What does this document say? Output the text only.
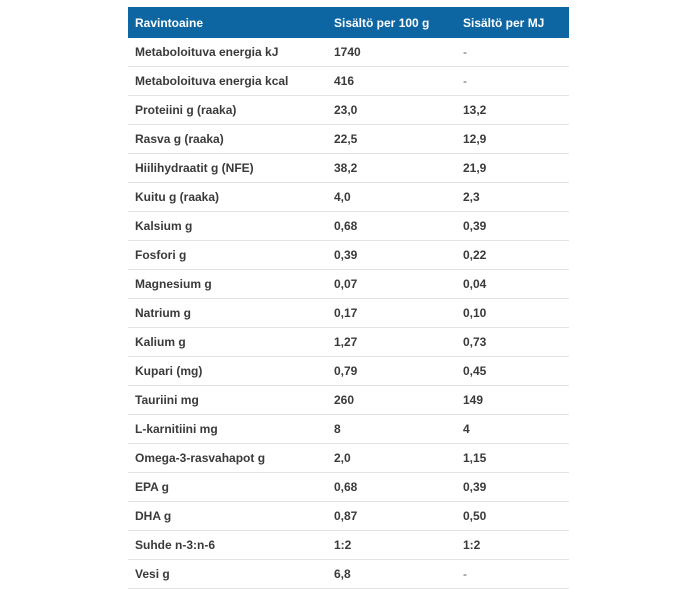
Ravintoaine	Sisältö per 100 g	Sisältö per MJ
Metaboloituva energia kJ	1740	-
Metaboloituva energia kcal	416	-
Proteiini g (raaka)	23,0	13,2
Rasva g (raaka)	22,5	12,9
Hiilihydraatit g (NFE)	38,2	21,9
Kuitu g (raaka)	4,0	2,3
Kalsium g	0,68	0,39
Fosfori g	0,39	0,22
Magnesium g	0,07	0,04
Natrium g	0,17	0,10
Kalium g	1,27	0,73
Kupari (mg)	0,79	0,45
Tauriini mg	260	149
L-karnitiini mg	8	4
Omega-3-rasvahapot g	2,0	1,15
EPA g	0,68	0,39
DHA g	0,87	0,50
Suhde n-3:n-6	1:2	1:2
Vesi g	6,8	-
